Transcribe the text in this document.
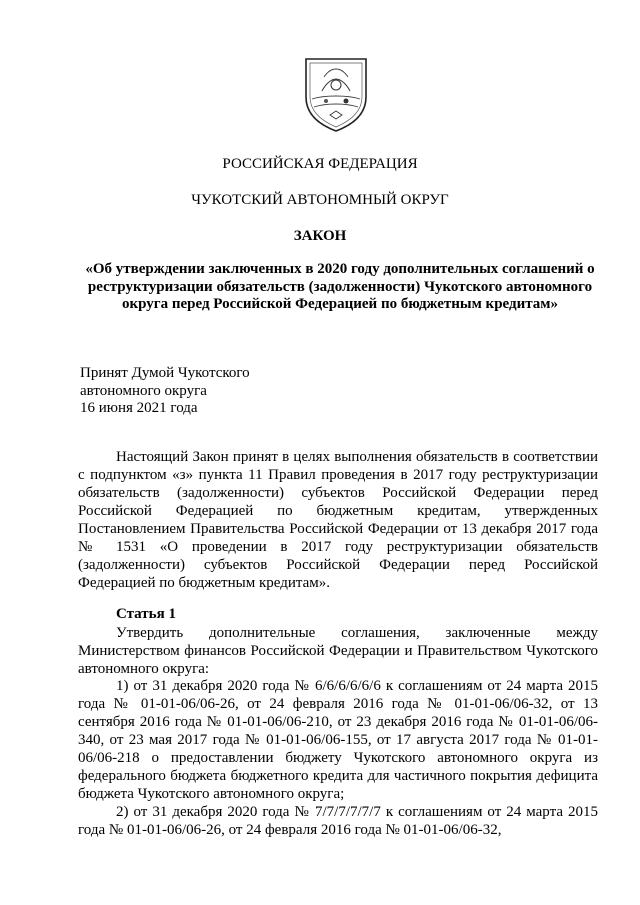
РОССИЙСКАЯ ФЕДЕРАЦИЯ
ЧУКОТСКИЙ АВТОНОМНЫЙ ОКРУГ
ЗАКОН
«Об утверждении заключенных в 2020 году дополнительных соглашений о реструктуризации обязательств (задолженности) Чукотского автономного округа перед Российской Федерацией по бюджетным кредитам»
Принят Думой Чукотского
автономного округа
16 июня 2021 года
Настоящий Закон принят в целях выполнения обязательств в соответствии с подпунктом «з» пункта 11 Правил проведения в 2017 году реструктуризации обязательств (задолженности) субъектов Российской Федерации перед Российской Федерацией по бюджетным кредитам, утвержденных Постановлением Правительства Российской Федерации от 13 декабря 2017 года № 1531 «О проведении в 2017 году реструктуризации обязательств (задолженности) субъектов Российской Федерации перед Российской Федерацией по бюджетным кредитам».
Статья 1
Утвердить дополнительные соглашения, заключенные между Министерством финансов Российской Федерации и Правительством Чукотского автономного округа:
1) от 31 декабря 2020 года № 6/6/6/6/6/6 к соглашениям от 24 марта 2015 года № 01-01-06/06-26, от 24 февраля 2016 года № 01-01-06/06-32, от 13 сентября 2016 года № 01-01-06/06-210, от 23 декабря 2016 года № 01-01-06/06-340, от 23 мая 2017 года № 01-01-06/06-155, от 17 августа 2017 года № 01-01-06/06-218 о предоставлении бюджету Чукотского автономного округа из федерального бюджета бюджетного кредита для частичного покрытия дефицита бюджета Чукотского автономного округа;
2) от 31 декабря 2020 года № 7/7/7/7/7/7 к соглашениям от 24 марта 2015 года № 01-01-06/06-26, от 24 февраля 2016 года № 01-01-06/06-32,
